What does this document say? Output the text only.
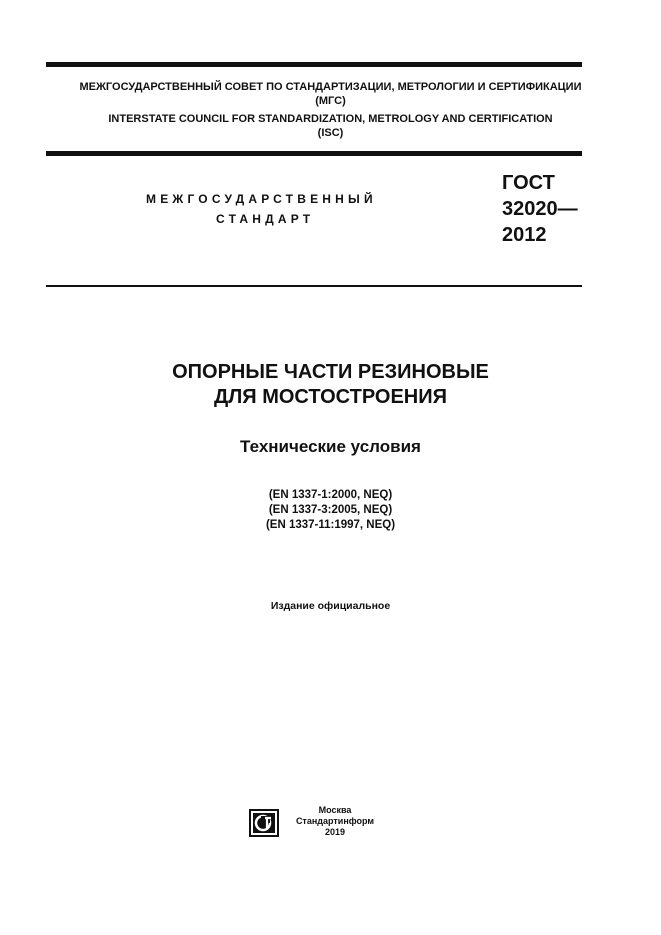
МЕЖГОСУДАРСТВЕННЫЙ СОВЕТ ПО СТАНДАРТИЗАЦИИ, МЕТРОЛОГИИ И СЕРТИФИКАЦИИ
(МГС)
INTERSTATE COUNCIL FOR STANDARDIZATION, METROLOGY AND CERTIFICATION
(ISC)
МЕЖГОСУДАРСТВЕННЫЙ
СТАНДАРТ
ГОСТ
32020—
2012
ОПОРНЫЕ ЧАСТИ РЕЗИНОВЫЕ
ДЛЯ МОСТОСТРОЕНИЯ
Технические условия
(EN 1337-1:2000, NEQ)
(EN 1337-3:2005, NEQ)
(EN 1337-11:1997, NEQ)
Издание официальное
Москва
Стандартинформ
2019
